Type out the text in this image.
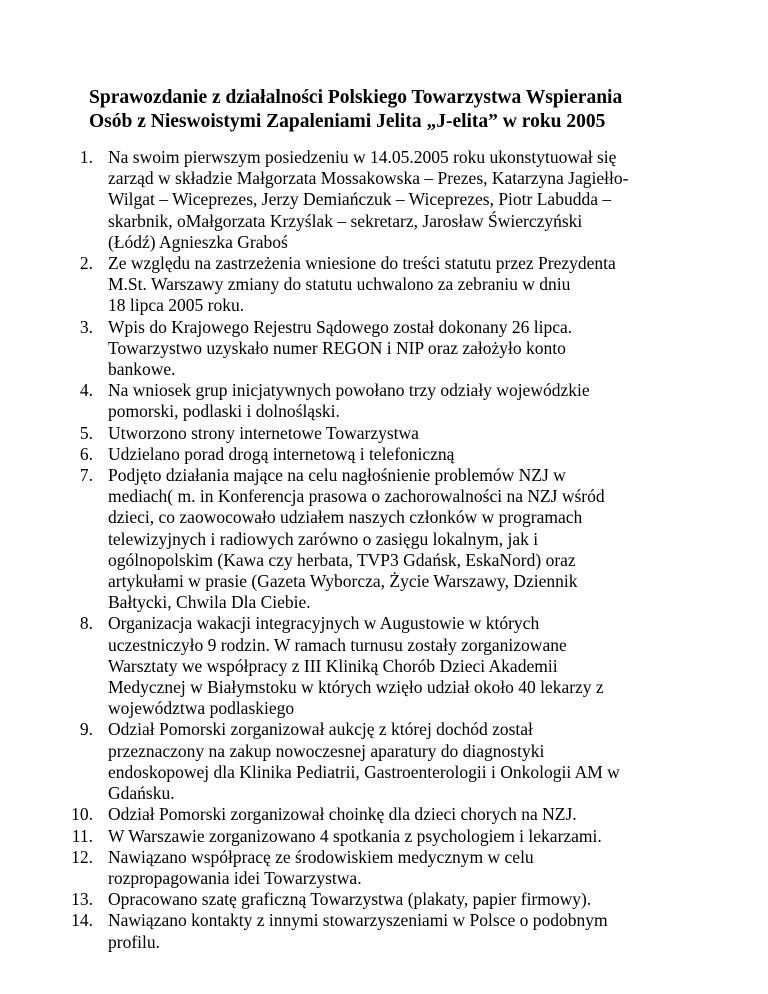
Sprawozdanie z działalności Polskiego Towarzystwa Wspierania
Osób z Nieswoistymi Zapaleniami Jelita „J-elita” w roku 2005
1. Na swoim pierwszym posiedzeniu w 14.05.2005 roku ukonstytuował się
zarząd w składzie Małgorzata Mossakowska – Prezes, Katarzyna Jagiełło-
Wilgat – Wiceprezes, Jerzy Demiańczuk – Wiceprezes, Piotr Labudda –
skarbnik, oMałgorzata Krzyślak – sekretarz, Jarosław Świerczyński
(Łódź) Agnieszka Graboś
2. Ze względu na zastrzeżenia wniesione do treści statutu przez Prezydenta
M.St. Warszawy zmiany do statutu uchwalono za zebraniu w dniu
18 lipca 2005 roku.
3. Wpis do Krajowego Rejestru Sądowego został dokonany 26 lipca.
Towarzystwo uzyskało numer REGON i NIP oraz założyło konto
bankowe.
4. Na wniosek grup inicjatywnych powołano trzy odziały wojewódzkie
pomorski, podlaski i dolnośląski.
5. Utworzono strony internetowe Towarzystwa
6. Udzielano porad drogą internetową i telefoniczną
7. Podjęto działania mające na celu nagłośnienie problemów NZJ w
mediach( m. in Konferencja prasowa o zachorowalności na NZJ wśród
dzieci, co zaowocowało udziałem naszych członków w programach
telewizyjnych i radiowych zarówno o zasięgu lokalnym, jak i
ogólnopolskim (Kawa czy herbata, TVP3 Gdańsk, EskaNord) oraz
artykułami w prasie (Gazeta Wyborcza, Życie Warszawy, Dziennik
Bałtycki, Chwila Dla Ciebie.
8. Organizacja wakacji integracyjnych w Augustowie w których
uczestniczyło 9 rodzin. W ramach turnusu zostały zorganizowane
Warsztaty we współpracy z III Kliniką Chorób Dzieci Akademii
Medycznej w Białymstoku w których wzięło udział około 40 lekarzy z
województwa podlaskiego
9. Odział Pomorski zorganizował aukcję z której dochód został
przeznaczony na zakup nowoczesnej aparatury do diagnostyki
endoskopowej dla Klinika Pediatrii, Gastroenterologii i Onkologii AM w
Gdańsku.
10. Odział Pomorski zorganizował choinkę dla dzieci chorych na NZJ.
11. W Warszawie zorganizowano 4 spotkania z psychologiem i lekarzami.
12. Nawiązano współpracę ze środowiskiem medycznym w celu
rozpropagowania idei Towarzystwa.
13. Opracowano szatę graficzną Towarzystwa (plakaty, papier firmowy).
14. Nawiązano kontakty z innymi stowarzyszeniami w Polsce o podobnym
profilu.
